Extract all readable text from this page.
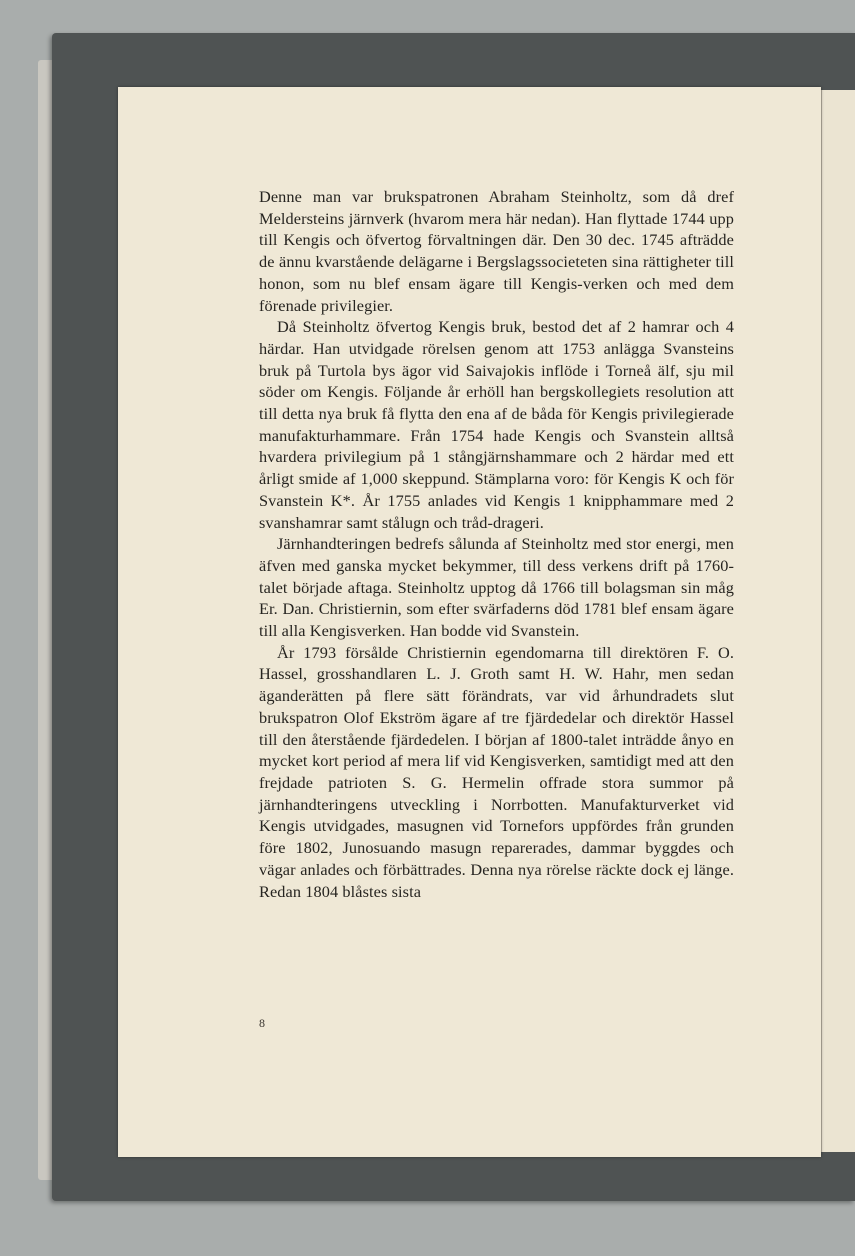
Denne man var brukspatronen Abraham Steinholtz, som då dref Meldersteins järnverk (hvarom mera här nedan). Han flyttade 1744 upp till Kengis och öfvertog förvaltningen där. Den 30 dec. 1745 afträdde de ännu kvarstående delägarne i Bergslagssocieteten sina rättigheter till honon, som nu blef ensam ägare till Kengis-verken och med dem förenade privilegier.

Då Steinholtz öfvertog Kengis bruk, bestod det af 2 hamrar och 4 härdar. Han utvidgade rörelsen genom att 1753 anlägga Svansteins bruk på Turtola bys ägor vid Saivajokis inflöde i Torneå älf, sju mil söder om Kengis. Följande år erhöll han bergskollegiets resolution att till detta nya bruk få flytta den ena af de båda för Kengis privilegierade manufakturhammare. Från 1754 hade Kengis och Svanstein alltså hvardera privilegium på 1 stångjärnshammare och 2 härdar med ett årligt smide af 1,000 skeppund. Stämplarna voro: för Kengis K och för Svanstein K*. År 1755 anlades vid Kengis 1 knipphammare med 2 svanshamrar samt stålugn och tråd-drageri.

Järnhandteringen bedrefs sålunda af Steinholtz med stor energi, men äfven med ganska mycket bekymmer, till dess verkens drift på 1760-talet började aftaga. Steinholtz upptog då 1766 till bolagsman sin måg Er. Dan. Christiernin, som efter svärfaderns död 1781 blef ensam ägare till alla Kengisverken. Han bodde vid Svanstein.

År 1793 försålde Christiernin egendomarna till direktören F. O. Hassel, grosshandlaren L. J. Groth samt H. W. Hahr, men sedan äganderätten på flere sätt förändrats, var vid århundradets slut brukspatron Olof Ekström ägare af tre fjärdedelar och direktör Hassel till den återstående fjärdedelen. I början af 1800-talet inträdde ånyo en mycket kort period af mera lif vid Kengisverken, samtidigt med att den frejdade patrioten S. G. Hermelin offrade stora summor på järnhandteringens utveckling i Norrbotten. Manufakturverket vid Kengis utvidgades, masugnen vid Tornefors uppfördes från grunden före 1802, Junosuando masugn reparerades, dammar byggdes och vägar anlades och förbättrades. Denna nya rörelse räckte dock ej länge. Redan 1804 blåstes sista

8
